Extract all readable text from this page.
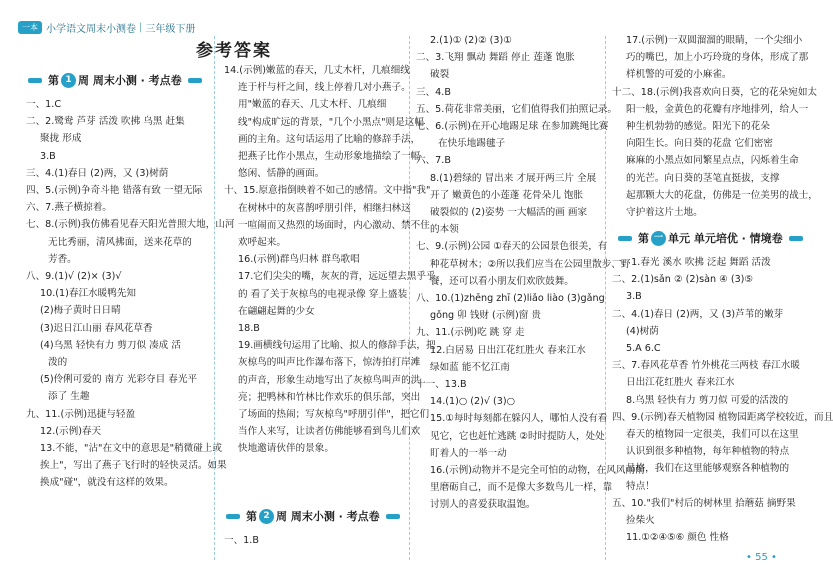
一本 小学语文周末小测卷 | 三年级下册
参考答案
第 1 周 周末小测 · 考点卷
第 2 周 周末小测 · 考点卷
第 一 单元 单元培优 · 情境卷

一、1.C

二、2.鹭鸯 芦芽 活泼 吹拂 乌黑 赶集

聚拢 形成

3.B

三、4.(1)春日 (2)两，又 (3)树荫

四、5.(示例)争奇斗艳 错落有致 一望无际

六、7.燕子横掠着。

七、8.(示例)我仿佛看见春天阳光普照大地，山河

无比秀丽，清风拂面，送来花草的

芳香。

八、9.(1)√ (2)× (3)√

10.(1)春江水暖鸭先知

(2)梅子黄时日日晴

(3)迟日江山丽 春风花草香

(4)乌黑 轻快有力 剪刀似 凑成 活

泼的

(5)伶俐可爱的 南方 光彩夺目 春光平

添了 生趣

九、11.(示例)迅捷与轻盈

12.(示例)春天

13.不能，"沾"在文中的意思是"稍微碰上或

挨上"，写出了燕子飞行时的轻快灵活。如果

换成"碰"，就没有这样的效果。

14.(示例)嫩蓝的春天，几丈木杆，几痕细线

连于杆与杆之间，线上停着几对小燕子。

用"嫩蓝的春天、几丈木杆、几痕细

线"构成旷远的背景，"几个小黑点"则是这幅

画的主角。这句话运用了比喻的修辞手法，

把燕子比作小黑点，生动形象地描绘了一幅

悠闲、恬静的画面。

十、15.原意指倒映着不如己的感情。文中指"我"

在树林中的灰喜鹊呼朋引伴，相继扫林这

一喧闹而又热烈的场面时，内心激动、禁不住

欢呼起来。

16.(示例)群鸟归林 群鸟歌唱

17.它们尖尖的嘴，灰灰的背，远远望去黑乎乎

的 看了关于灰椋鸟的电视录像 穿上盛装

在翩翩起舞的少女

18.B

19.画横线句运用了比喻、拟人的修辞手法，把

灰椋鸟的叫声比作瀑布落下，惊涛拍打岸滩

的声音，形象生动地写出了灰椋鸟叫声的洪

亮；把鸭林和竹林比作欢乐的俱乐部，突出

了场面的热闹；写灰椋鸟"呼朋引伴"，把它们

当作人来写，让读者仿佛能够看到鸟儿们欢

快地邀请伙伴的景象。

一、1.B

2.(1)① (2)② (3)①

二、3.飞翔 飘动 舞蹈 停止 莲蓬 饱胀

破裂

三、4.B

五、5.荷花非常美丽，它们值得我们拍照记录。

七、6.(示例)在开心地踢足球 在参加跳绳比赛

在快乐地踢毽子

六、7.B

8.(1)碧绿的 冒出来 才展开两三片 全展

开了 嫩黄色的小莲蓬 花骨朵儿 饱胀

破裂似的 (2)姿势 一大幅活的画 画家

的本领

七、9.(示例)公园 ①春天的公园景色很美，有

种花草树木；②所以我们应当在公园里散步、野

餐，还可以看小朋友们欢欣鼓舞。

八、10.(1)zhēng zhī (2)liǎo liào (3)gǎng

gǒng 卯 钱财 (示例)窗 贵

九、11.(示例)吃 跳 穿 走

12.白居易 日出江花红胜火 春来江水

绿如蓝 能不忆江南

十一、13.B

14.(1)○ (2)√ (3)○

15.①每时每刻都在躲闪人，哪怕人没有看

见它，它也赶忙逃跳 ②时时提防人，处处

盯着人的一举一动

16.(示例)动物并不是完全可怕的动物，在风风雨雨

里磨砺自己，而不是像大多数鸟儿一样，靠

讨别人的喜爱获取温饱。

17.(示例)一双圆溜溜的眼睛，一个尖细小

巧的嘴巴，加上小巧玲珑的身体，形成了那

样机警的可爱的小麻雀。

十二、18.(示例)我喜欢向日葵，它的花朵宛如太

阳一般，金黄色的花瓣有序地排列，给人一

种生机勃勃的感觉。阳光下的花朵

向阳生长。向日葵的花盘 它们密密

麻麻的小黑点如同繁星点点，闪烁着生命

的光芒。向日葵的茎笔直挺拔，支撑

起那颗大大的花盘，仿佛是一位美男的战士，

守护着这片土地。

一、1.春光 溪水 吹拂 泛起 舞蹈 活泼

二、2.(1)sǎn ② (2)sàn ④ (3)⑤

3.B

二、4.(1)春日 (2)两，又 (3)芦苇的嫩芽

(4)树荫

5.A 6.C

三、7.春风花草香 竹外桃花三两枝 春江水暖

日出江花红胜火 春来江水

8.乌黑 轻快有力 剪刀似 可爱的活泼的

四、9.(示例)春天植物园 植物园距离学校较近，而且

春天的植物园一定很美，我们可以在这里

认识到很多种植物，每年种植物的特点

品格，我们在这里能够观察各种植物的

特点！

五、10."我们"村后的树林里 拾蘑菇 摘野果

捡柴火

11.①②④⑤⑥ 颜色 性格

• 55 •
